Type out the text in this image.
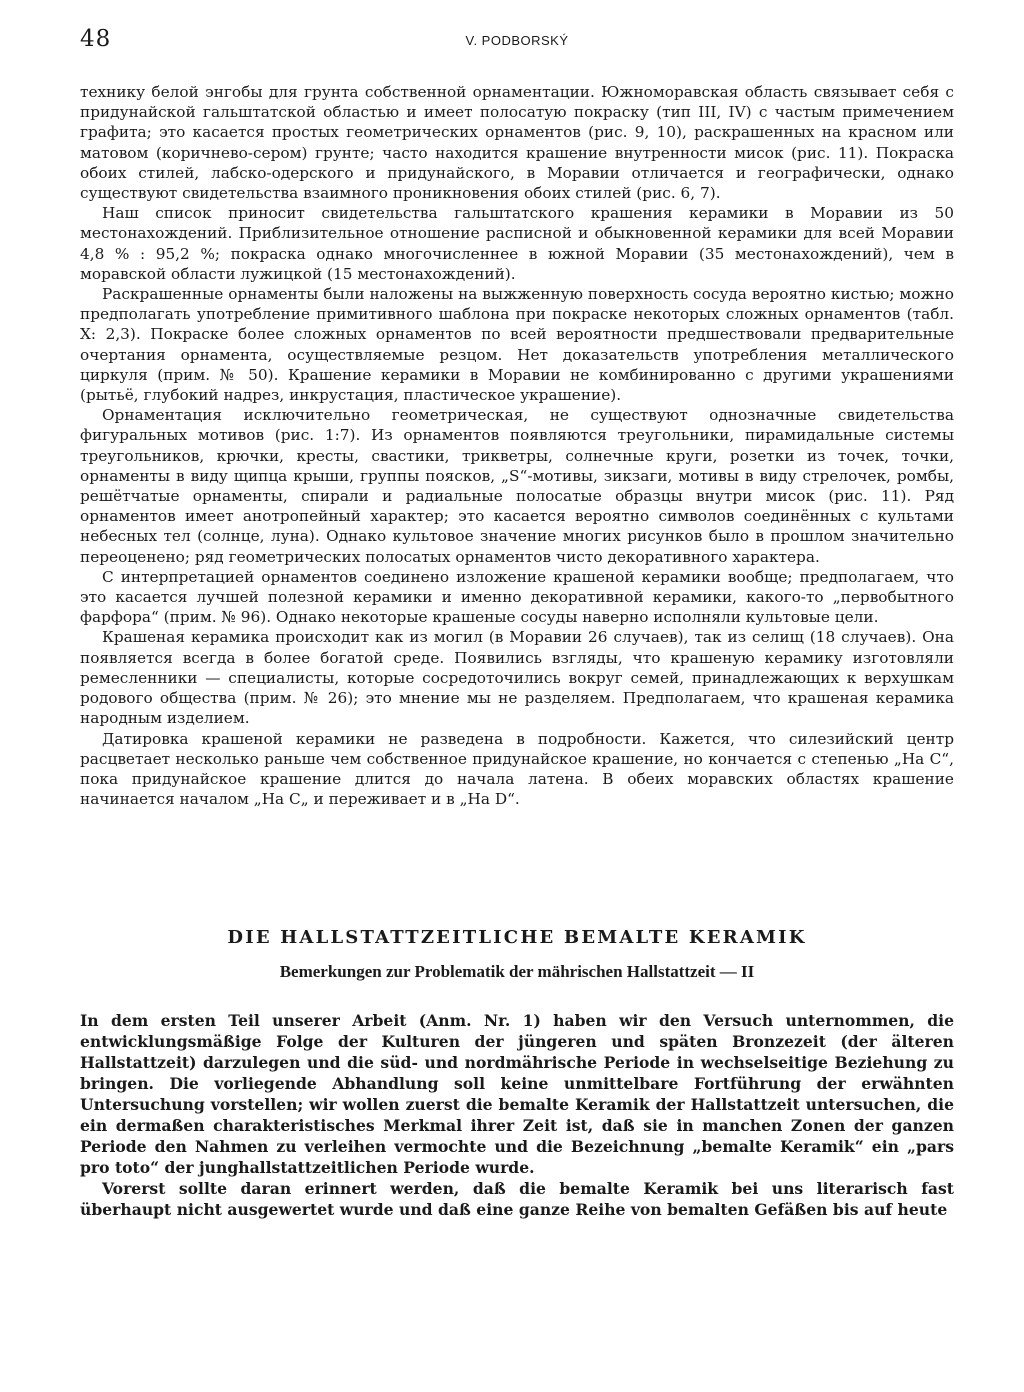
48	V. PODBORSKÝ

технику белой энгобы для грунта собственной орнаментации. Южноморавская область связывает себя с придунайской гальштатской областью и имеет полосатую покраску (тип III, IV) с частым примечением графита; это касается простых геометрических орнаментов (рис. 9, 10), раскрашенных на красном или матовом (коричнево-сером) грунте; часто находится крашение внутренности мисок (рис. 11). Покраска обоих стилей, лабско-одерского и придунайского, в Моравии отличается и географически, однако существуют свидетельства взаимного проникновения обоих стилей (рис. 6, 7).

Наш список приносит свидетельства гальштатского крашения керамики в Моравии из 50 местонахождений. Приблизительное отношение расписной и обыкновенной керамики для всей Моравии 4,8 % : 95,2 %; покраска однако многочисленнее в южной Моравии (35 местонахождений), чем в моравской области лужицкой (15 местонахождений).

Раскрашенные орнаменты были наложены на выжженную поверхность сосуда вероятно кистью; можно предполагать употребление примитивного шаблона при покраске некоторых сложных орнаментов (табл. X: 2,3). Покраске более сложных орнаментов по всей вероятности предшествовали предварительные очертания орнамента, осуществляемые резцом. Нет доказательств употребления металлического циркуля (прим. № 50). Крашение керамики в Моравии не комбинированно с другими украшениями (рытьё, глубокий надрез, инкрустация, пластическое украшение).

Орнаментация исключительно геометрическая, не существуют однозначные свидетельства фигуральных мотивов (рис. 1:7). Из орнаментов появляются треугольники, пирамидальные системы треугольников, крючки, кресты, свастики, трикветры, солнечные круги, розетки из точек, точки, орнаменты в виду щипца крыши, группы поясков, „S“-мотивы, зикзаги, мотивы в виду стрелочек, ромбы, решётчатые орнаменты, спирали и радиальные полосатые образцы внутри мисок (рис. 11). Ряд орнаментов имеет анотропейный характер; это касается вероятно символов соединённых с культами небесных тел (солнце, луна). Однако культовое значение многих рисунков было в прошлом значительно переоценено; ряд геометрических полосатых орнаментов чисто декоративного характера.

С интерпретацией орнаментов соединено изложение крашеной керамики вообще; предполагаем, что это касается лучшей полезной керамики и именно декоративной керамики, какого-то „первобытного фарфора“ (прим. № 96). Однако некоторые крашеные сосуды наверно исполняли культовые цели.

Крашеная керамика происходит как из могил (в Моравии 26 случаев), так из селищ (18 случаев). Она появляется всегда в более богатой среде. Появились взгляды, что крашеную керамику изготовляли ремесленники — специалисты, которые сосредоточились вокруг семей, принадлежающих к верхушкам родового общества (прим. № 26); это мнение мы не разделяем. Предполагаем, что крашеная керамика народным изделием.

Датировка крашеной керамики не разведена в подробности. Кажется, что силезийский центр расцветает несколько раньше чем собственное придунайское крашение, но кончается с степенью „На С“, пока придунайское крашение длится до начала латена. В обеих моравских областях крашение начинается началом „На С„ и переживает и в „На D“.

DIE HALLSTATTZEITLICHE BEMALTE KERAMIK
Bemerkungen zur Problematik der mährischen Hallstattzeit — II

In dem ersten Teil unserer Arbeit (Anm. Nr. 1) haben wir den Versuch unternommen, die entwicklungsmäßige Folge der Kulturen der jüngeren und späten Bronzezeit (der älteren Hallstattzeit) darzulegen und die süd- und nordmährische Periode in wechselseitige Beziehung zu bringen. Die vorliegende Abhandlung soll keine unmittelbare Fortführung der erwähnten Untersuchung vorstellen; wir wollen zuerst die bemalte Keramik der Hallstattzeit untersuchen, die ein dermaßen charakteristisches Merkmal ihrer Zeit ist, daß sie in manchen Zonen der ganzen Periode den Nahmen zu verleihen vermochte und die Bezeichnung „bemalte Keramik“ ein „pars pro toto“ der junghallstattzeitlichen Periode wurde.

Vorerst sollte daran erinnert werden, daß die bemalte Keramik bei uns literarisch fast überhaupt nicht ausgewertet wurde und daß eine ganze Reihe von bemalten Gefäßen bis auf heute
